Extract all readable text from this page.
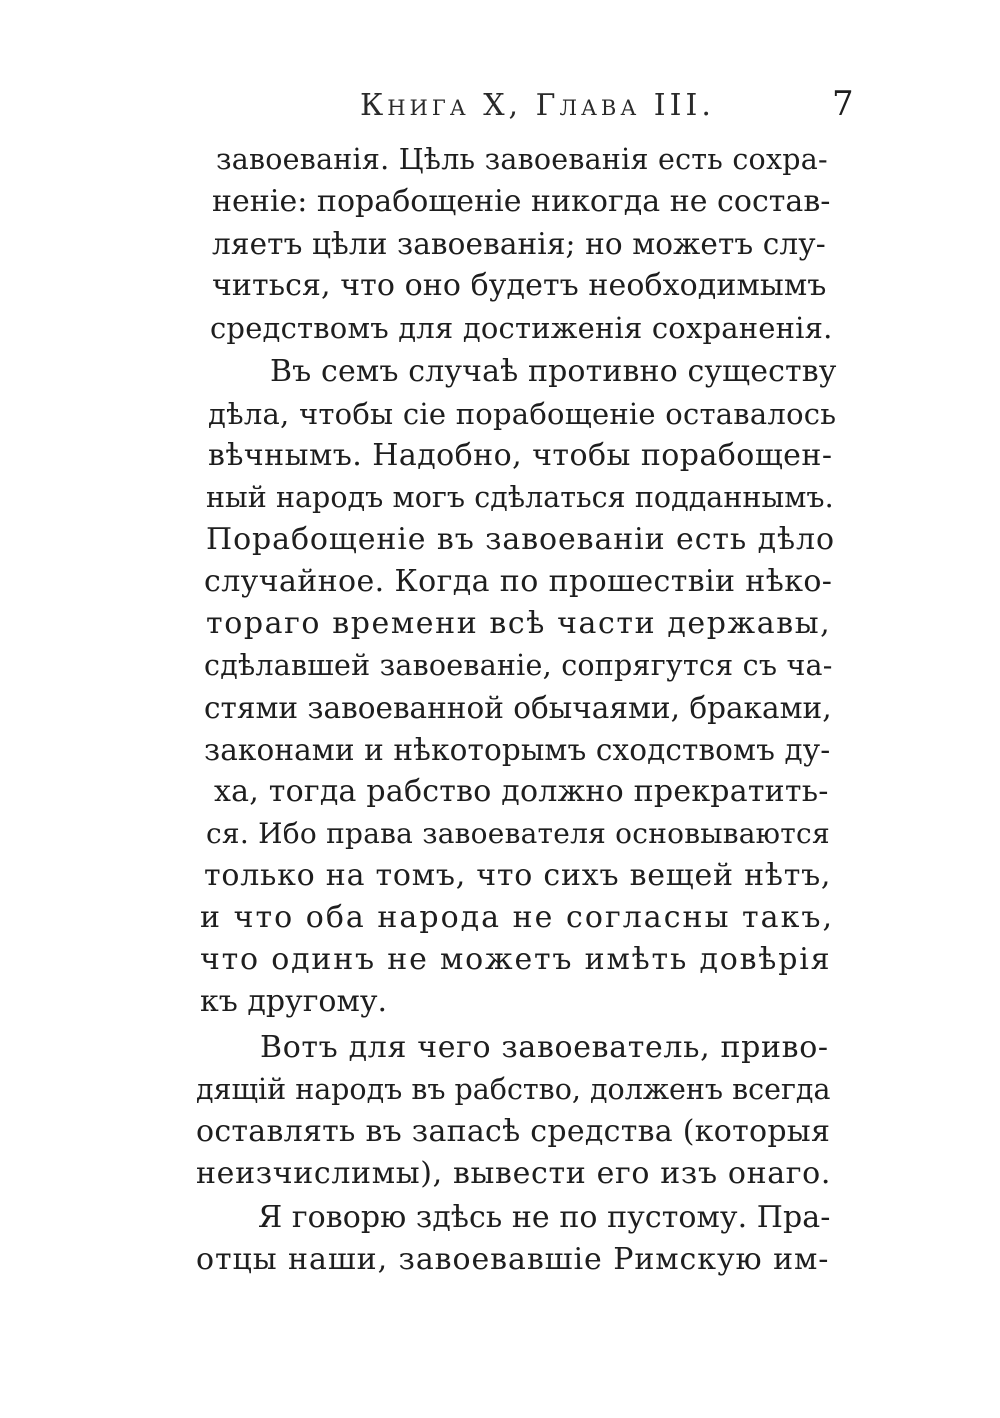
Книга X, Глава III.	7
завоеванія. Цѣль завоеванія есть сохра-
неніе: порабощеніе никогда не состав-
ляетъ цѣли завоеванія; но можетъ слу-
читься, что оно будетъ необходимымъ
средствомъ для достиженія сохраненія.
Въ семъ случаѣ противно существу
дѣла, чтобы сіе порабощеніе оставалось
вѣчнымъ. Надобно, чтобы порабощен-
ный народъ могъ сдѣлаться подданнымъ.
Порабощеніе въ завоеваніи есть дѣло
случайное. Когда по прошествіи нѣко-
тораго времени всѣ части державы,
сдѣлавшей завоеваніе, сопрягутся съ ча-
стями завоеванной обычаями, браками,
законами и нѣкоторымъ сходствомъ ду-
ха, тогда рабство должно прекратить-
ся. Ибо права завоевателя основываются
только на томъ, что сихъ вещей нѣтъ,
и что оба народа не согласны такъ,
что одинъ не можетъ имѣть довѣрія
къ другому.
Вотъ для чего завоеватель, приво-
дящій народъ въ рабство, долженъ всегда
оставлять въ запасѣ средства (которыя
неизчислимы), вывести его изъ онаго.
Я говорю здѣсь не по пустому. Пра-
отцы наши, завоевавшіе Римскую им-
